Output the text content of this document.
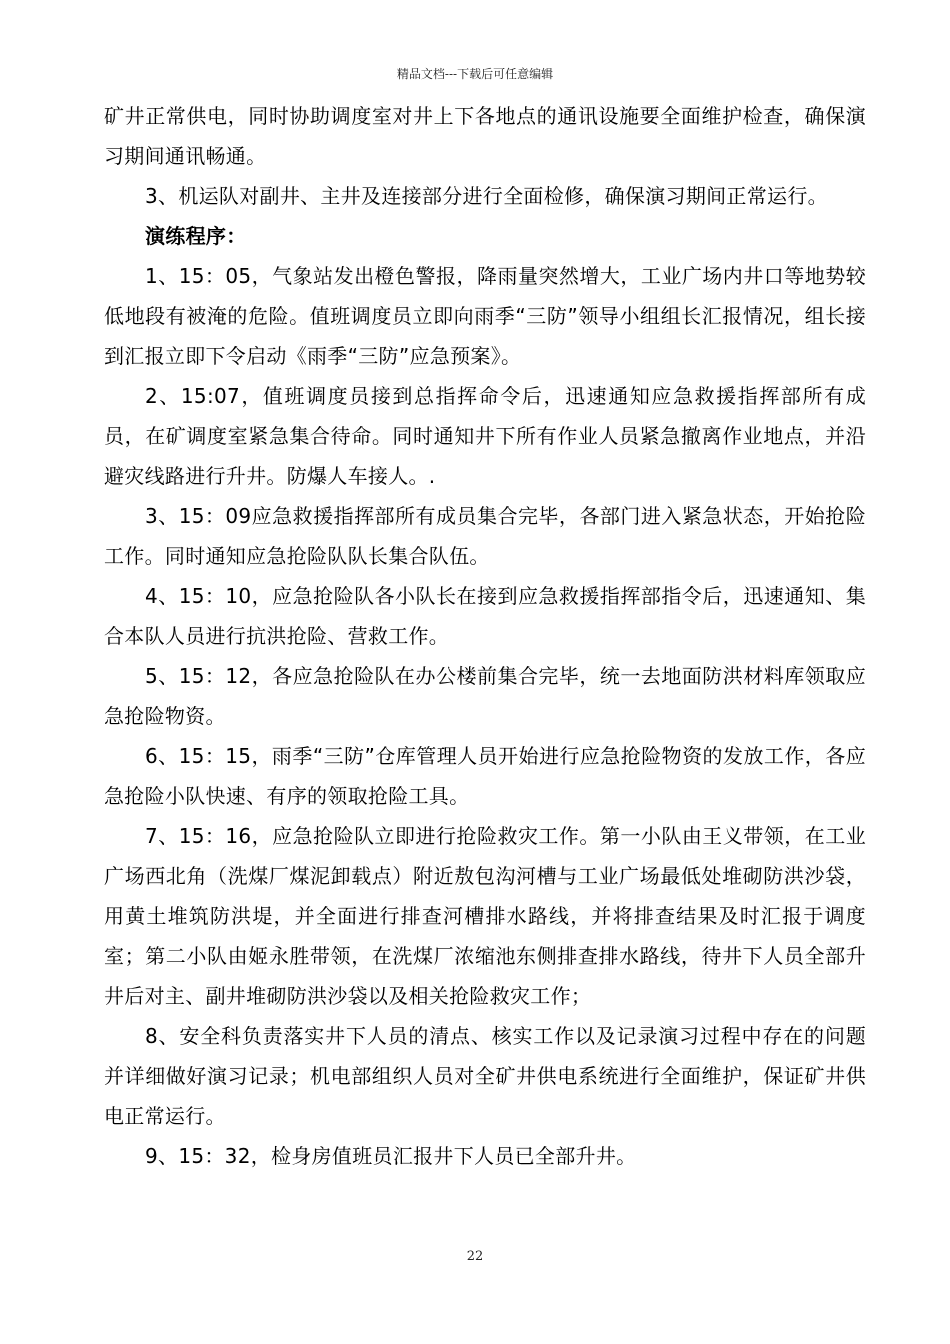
精品文档---下载后可任意编辑

矿井正常供电，同时协助调度室对井上下各地点的通讯设施要全面维护检查，确保演习期间通讯畅通。

3、机运队对副井、主井及连接部分进行全面检修，确保演习期间正常运行。

演练程序：

1、15：05，气象站发出橙色警报，降雨量突然增大，工业广场内井口等地势较低地段有被淹的危险。值班调度员立即向雨季“三防”领导小组组长汇报情况，组长接到汇报立即下令启动《雨季“三防”应急预案》。

2、15:07，值班调度员接到总指挥命令后，迅速通知应急救援指挥部所有成员，在矿调度室紧急集合待命。同时通知井下所有作业人员紧急撤离作业地点，并沿避灾线路进行升井。防爆人车接人。.

3、15：09应急救援指挥部所有成员集合完毕，各部门进入紧急状态，开始抢险工作。同时通知应急抢险队队长集合队伍。

4、15：10，应急抢险队各小队长在接到应急救援指挥部指令后，迅速通知、集合本队人员进行抗洪抢险、营救工作。

5、15：12，各应急抢险队在办公楼前集合完毕，统一去地面防洪材料库领取应急抢险物资。

6、15：15，雨季“三防”仓库管理人员开始进行应急抢险物资的发放工作，各应急抢险小队快速、有序的领取抢险工具。

7、15：16，应急抢险队立即进行抢险救灾工作。第一小队由王义带领，在工业广场西北角（洗煤厂煤泥卸载点）附近敖包沟河槽与工业广场最低处堆砌防洪沙袋，用黄土堆筑防洪堤，并全面进行排查河槽排水路线，并将排查结果及时汇报于调度室；第二小队由姬永胜带领，在洗煤厂浓缩池东侧排查排水路线，待井下人员全部升井后对主、副井堆砌防洪沙袋以及相关抢险救灾工作；

8、安全科负责落实井下人员的清点、核实工作以及记录演习过程中存在的问题并详细做好演习记录；机电部组织人员对全矿井供电系统进行全面维护，保证矿井供电正常运行。

9、15：32，检身房值班员汇报井下人员已全部升井。

22
